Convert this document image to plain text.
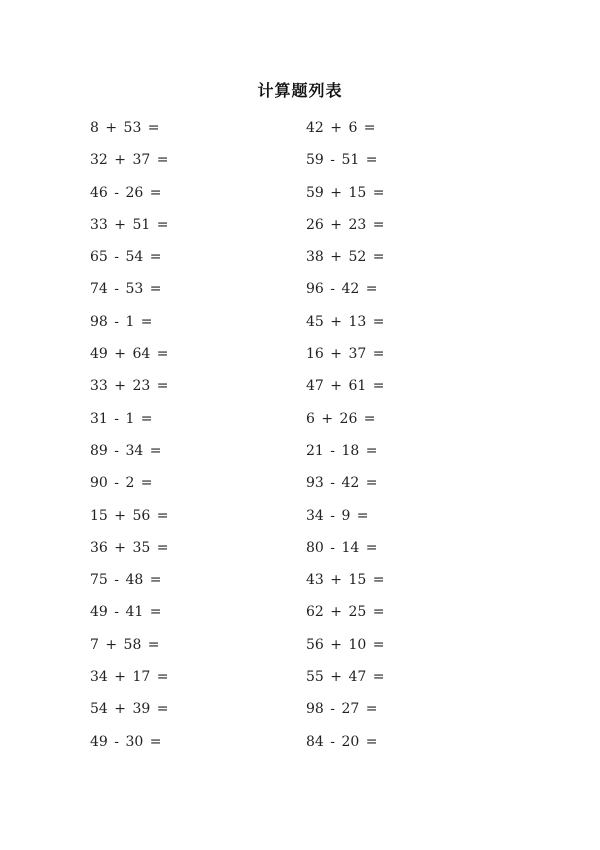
计算题列表
8 + 53 =	42 + 6 =
32 + 37 =	59 - 51 =
46 - 26 =	59 + 15 =
33 + 51 =	26 + 23 =
65 - 54 =	38 + 52 =
74 - 53 =	96 - 42 =
98 - 1 =	45 + 13 =
49 + 64 =	16 + 37 =
33 + 23 =	47 + 61 =
31 - 1 =	6 + 26 =
89 - 34 =	21 - 18 =
90 - 2 =	93 - 42 =
15 + 56 =	34 - 9 =
36 + 35 =	80 - 14 =
75 - 48 =	43 + 15 =
49 - 41 =	62 + 25 =
7 + 58 =	56 + 10 =
34 + 17 =	55 + 47 =
54 + 39 =	98 - 27 =
49 - 30 =	84 - 20 =
